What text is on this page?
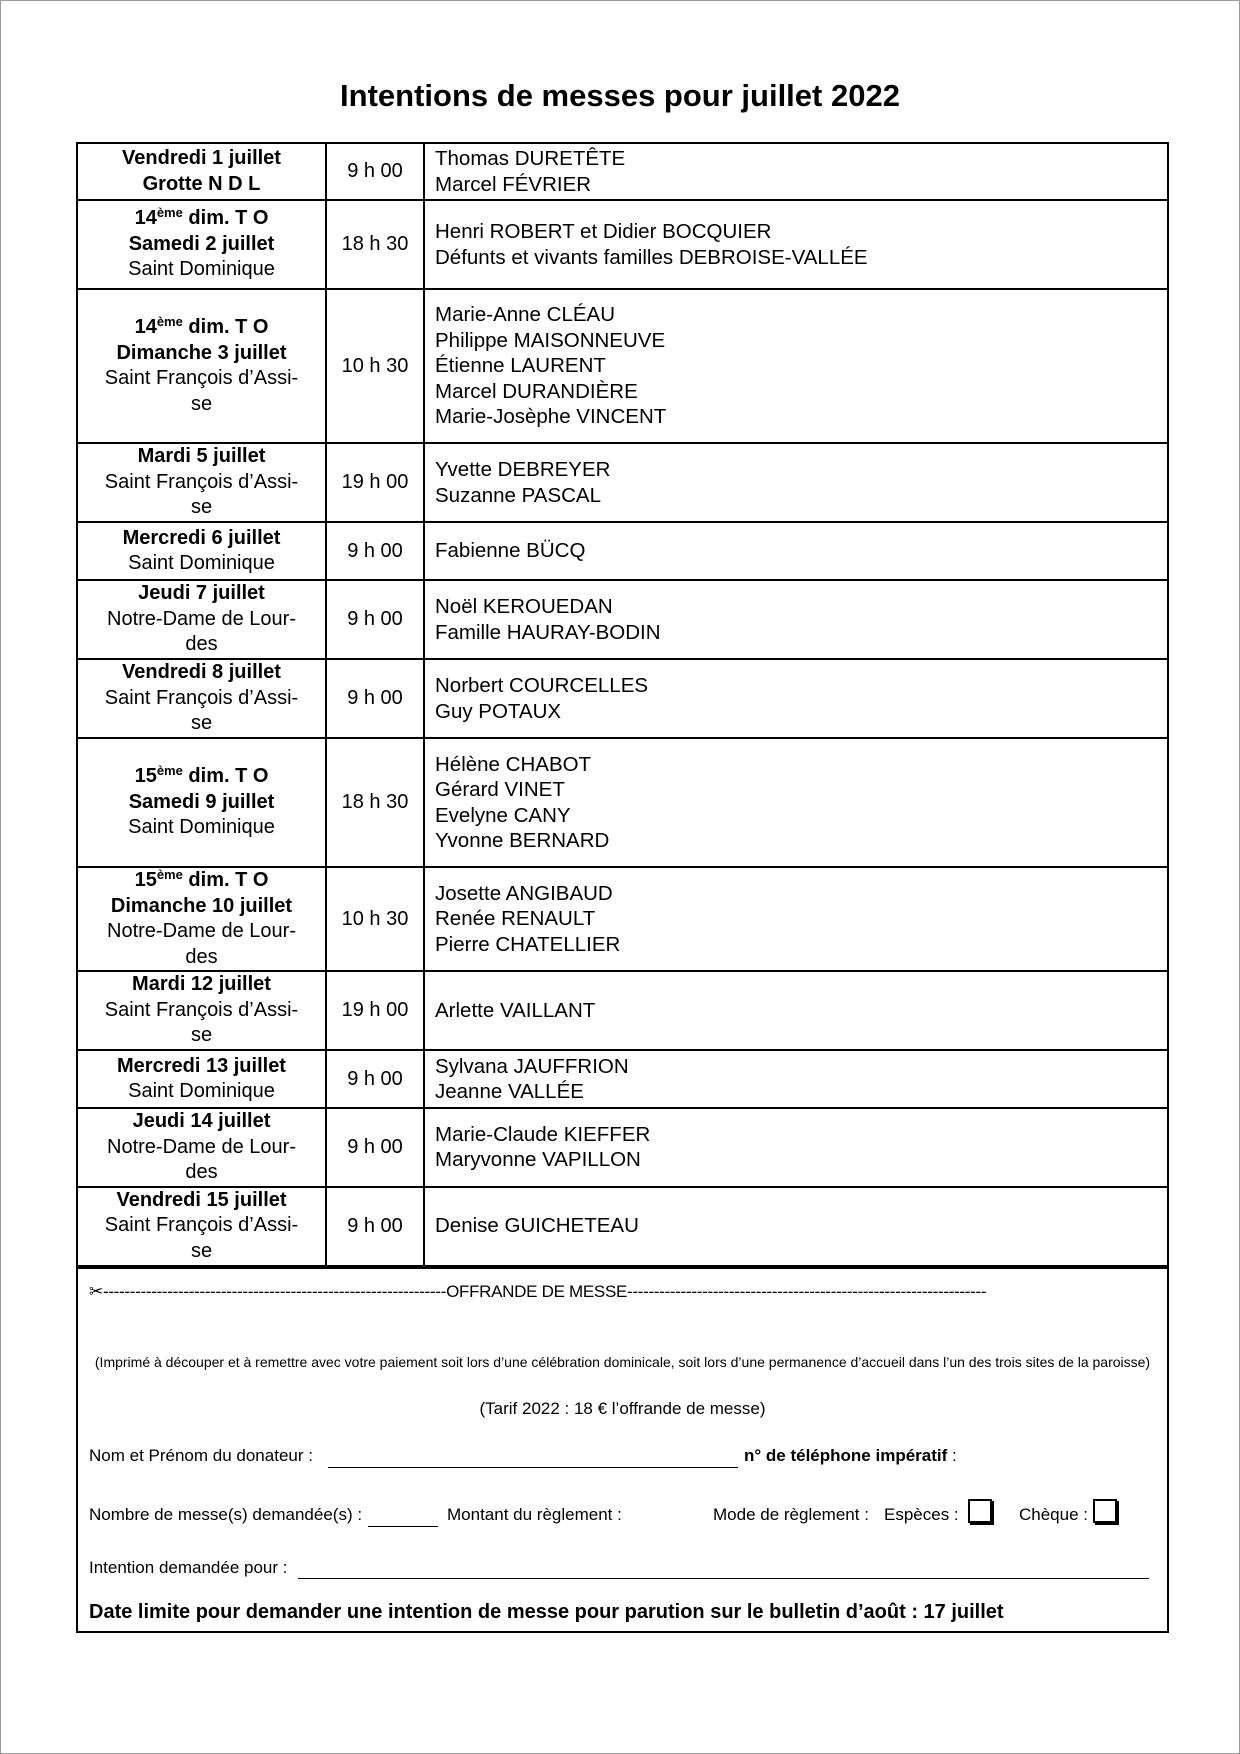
Intentions de messes pour juillet 2022
Vendredi 1 juillet
Grotte N D L	9 h 00	Thomas DURETÊTE
Marcel FÉVRIER

14ème dim. T O
Samedi 2 juillet
Saint Dominique	18 h 30	Henri ROBERT et Didier BOCQUIER
Défunts et vivants familles DEBROISE-VALLÉE

14ème dim. T O
Dimanche 3 juillet
Saint François d’Assi-
se	10 h 30	Marie-Anne CLÉAU
Philippe MAISONNEUVE
Étienne LAURENT
Marcel DURANDIÈRE
Marie-Josèphe VINCENT

Mardi 5 juillet
Saint François d’Assi-
se	19 h 00	Yvette DEBREYER
Suzanne PASCAL

Mercredi 6 juillet
Saint Dominique	9 h 00	Fabienne BÜCQ

Jeudi 7 juillet
Notre-Dame de Lour-
des	9 h 00	Noël KEROUEDAN
Famille HAURAY-BODIN

Vendredi 8 juillet
Saint François d’Assi-
se	9 h 00	Norbert COURCELLES
Guy POTAUX

15ème dim. T O
Samedi 9 juillet
Saint Dominique	18 h 30	Hélène CHABOT
Gérard VINET
Evelyne CANY
Yvonne BERNARD

15ème dim. T O
Dimanche 10 juillet
Notre-Dame de Lour-
des	10 h 30	Josette ANGIBAUD
Renée RENAULT
Pierre CHATELLIER

Mardi 12 juillet
Saint François d’Assi-
se	19 h 00	Arlette VAILLANT

Mercredi 13 juillet
Saint Dominique	9 h 00	Sylvana JAUFFRION
Jeanne VALLÉE

Jeudi 14 juillet
Notre-Dame de Lour-
des	9 h 00	Marie-Claude KIEFFER
Maryvonne VAPILLON

Vendredi 15 juillet
Saint François d’Assi-
se	9 h 00	Denise GUICHETEAU
✂----------------------------------------------------------------OFFRANDE DE MESSE-------------------------------------------------------------------
(Imprimé à découper et à remettre avec votre paiement soit lors d’une célébration dominicale, soit lors d’une permanence d’accueil dans l’un des trois sites de la paroisse)
(Tarif 2022 : 18 € l’offrande de messe)
Nom et Prénom du donateur :	n° de téléphone impératif :
Nombre de messe(s) demandée(s) :	Montant du règlement :	Mode de règlement : Espèces :	Chèque :
Intention demandée pour :
Date limite pour demander une intention de messe pour parution sur le bulletin d’août : 17 juillet
